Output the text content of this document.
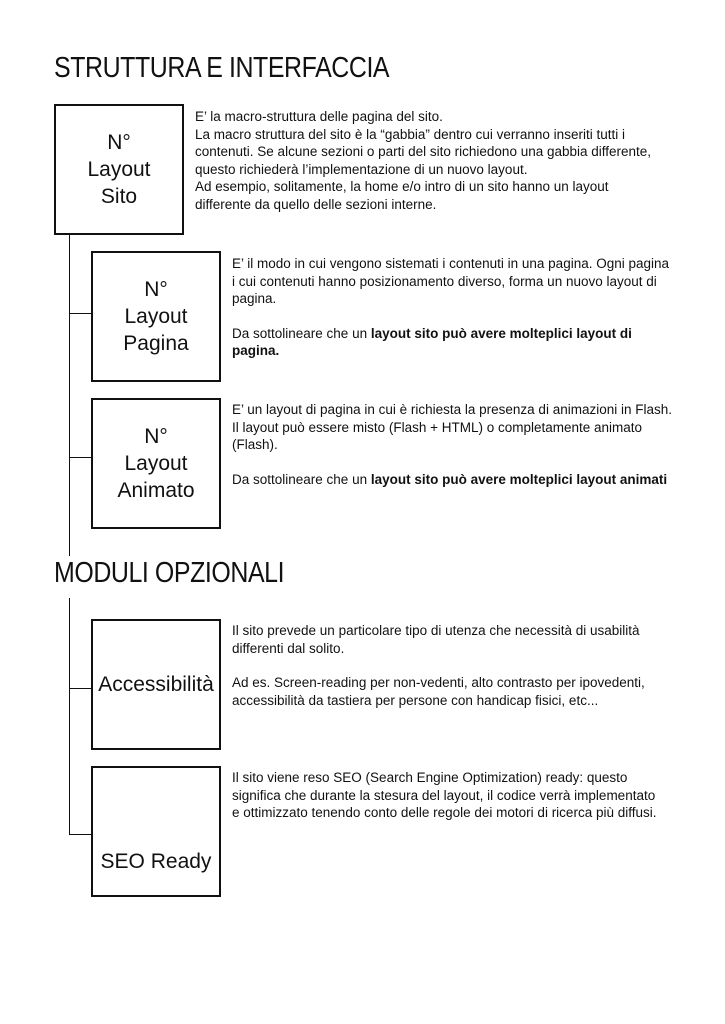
STRUTTURA E INTERFACCIA
N°
Layout
Sito

E’ la macro-struttura delle pagina del sito.
La macro struttura del sito è la “gabbia” dentro cui verranno inseriti tutti i contenuti. Se alcune sezioni o parti del sito richiedono una gabbia differente, questo richiederà l’implementazione di un nuovo layout.
Ad esempio, solitamente, la home e/o intro di un sito hanno un layout differente da quello delle sezioni interne.

N°
Layout
Pagina

E’ il modo in cui vengono sistemati i contenuti in una pagina. Ogni pagina i cui contenuti hanno posizionamento diverso, forma un nuovo layout di pagina.

Da sottolineare che un layout sito può avere molteplici layout di pagina.

N°
Layout
Animato

E’ un layout di pagina in cui è richiesta la presenza di animazioni in Flash. Il layout può essere misto (Flash + HTML) o completamente animato (Flash).

Da sottolineare che un layout sito può avere molteplici layout animati

MODULI OPZIONALI
Accessibilità

Il sito prevede un particolare tipo di utenza che necessità di usabilità differenti dal solito.

Ad es. Screen-reading per non-vedenti, alto contrasto per ipovedenti, accessibilità da tastiera per persone con handicap fisici, etc...

SEO Ready

Il sito viene reso SEO (Search Engine Optimization) ready: questo significa che durante la stesura del layout, il codice verrà implementato e ottimizzato tenendo conto delle regole dei motori di ricerca più diffusi.
